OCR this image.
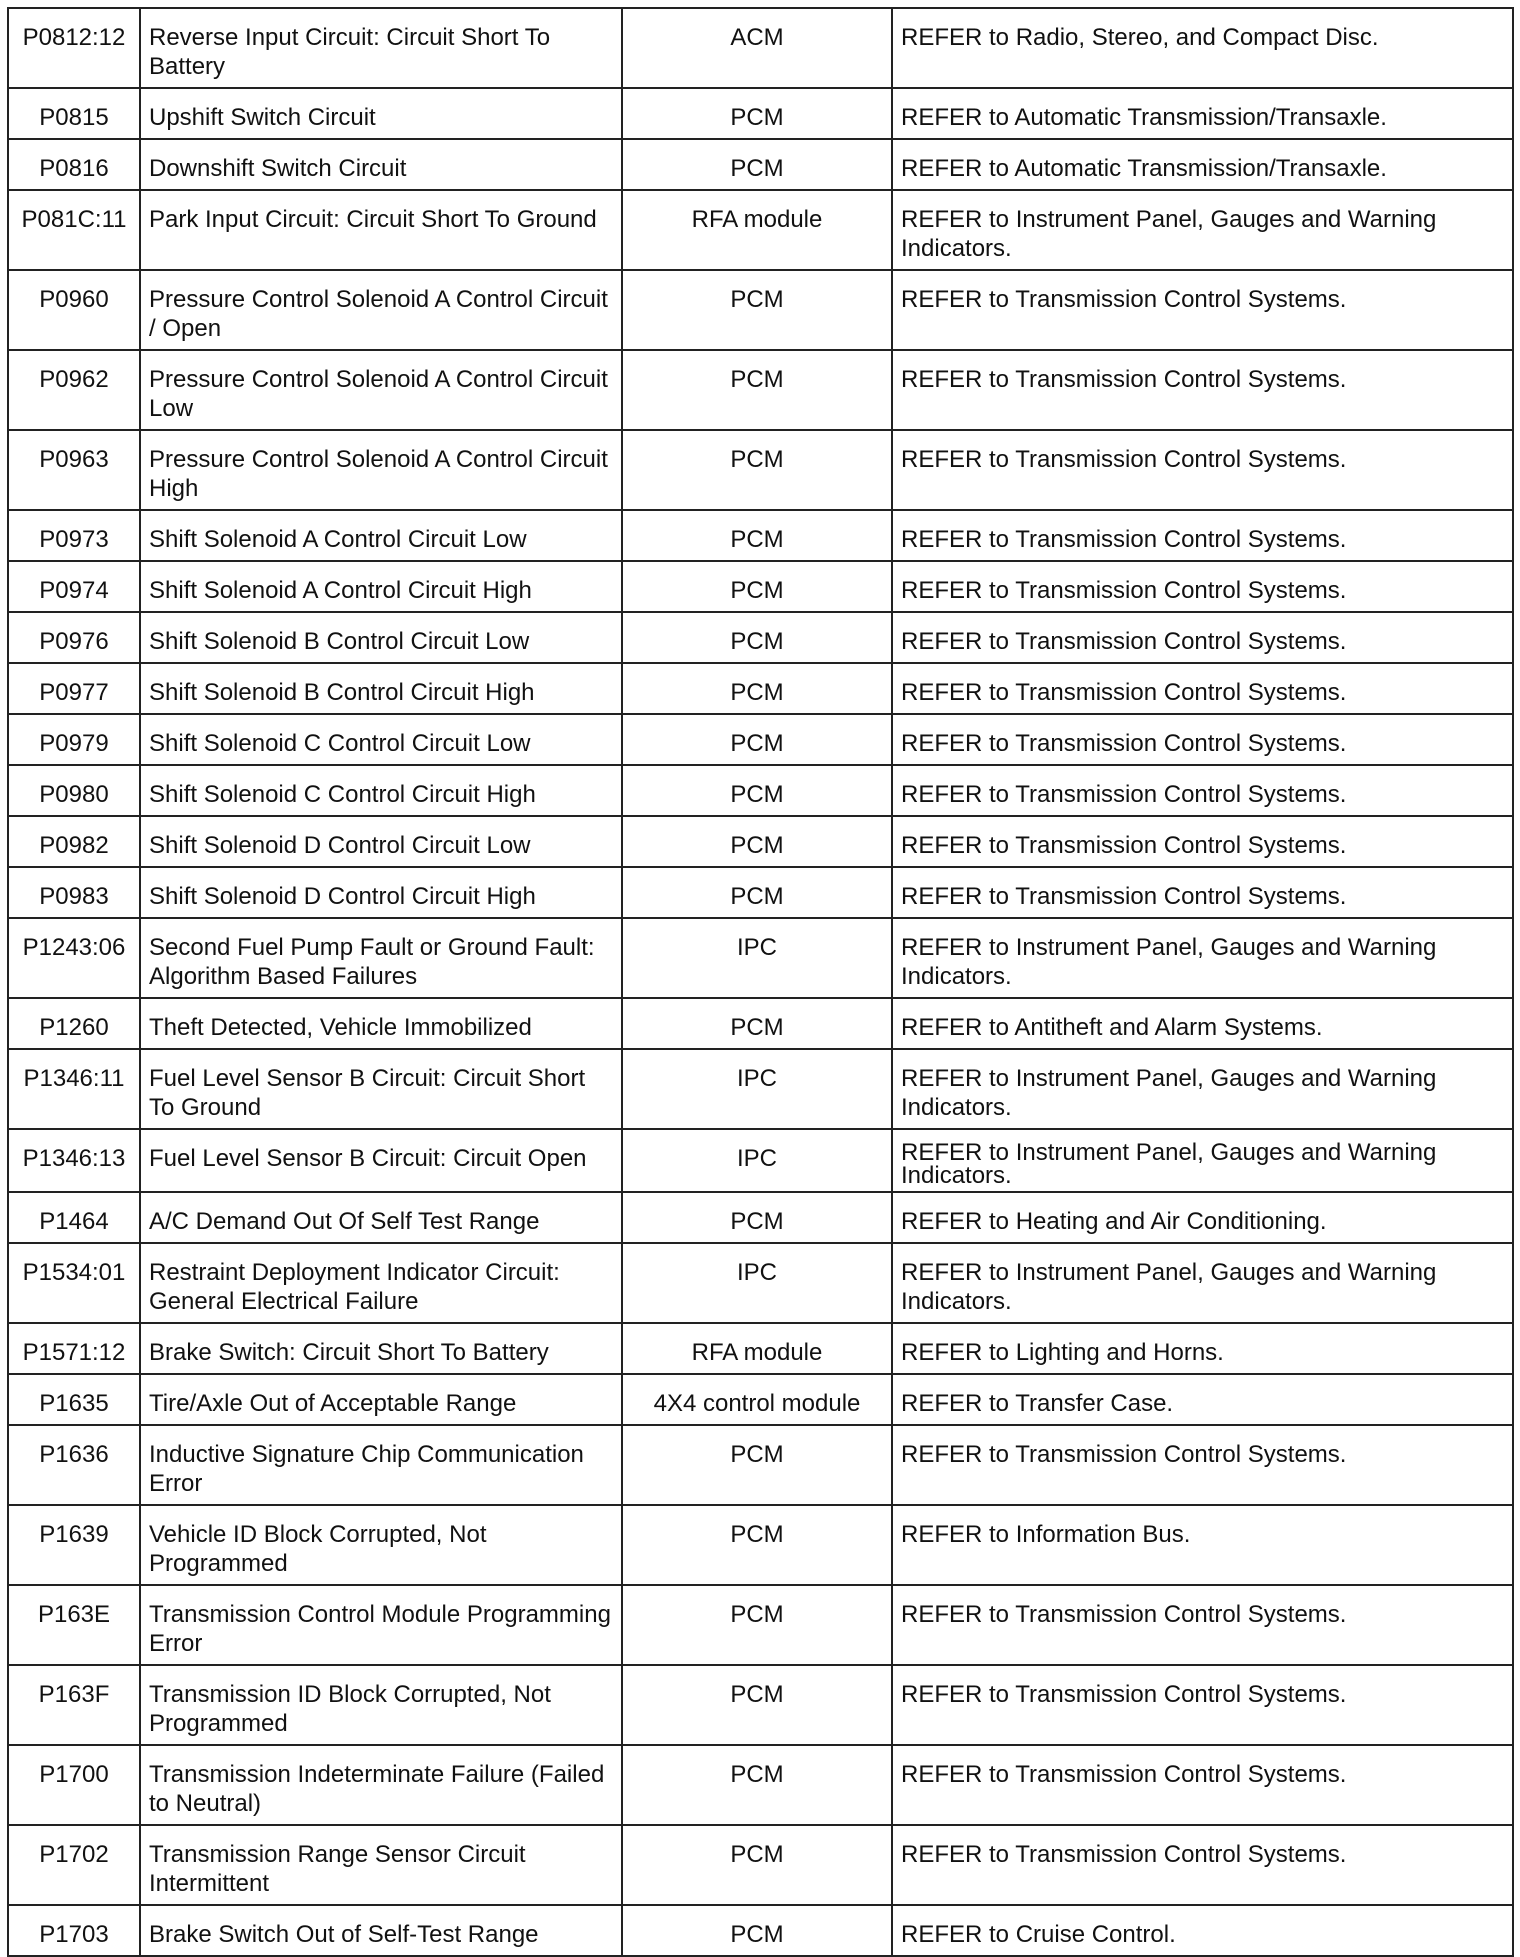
P0812:12	Reverse Input Circuit: Circuit Short To Battery	ACM	REFER to Radio, Stereo, and Compact Disc.
P0815	Upshift Switch Circuit	PCM	REFER to Automatic Transmission/Transaxle.
P0816	Downshift Switch Circuit	PCM	REFER to Automatic Transmission/Transaxle.
P081C:11	Park Input Circuit: Circuit Short To Ground	RFA module	REFER to Instrument Panel, Gauges and Warning Indicators.
P0960	Pressure Control Solenoid A Control Circuit / Open	PCM	REFER to Transmission Control Systems.
P0962	Pressure Control Solenoid A Control Circuit Low	PCM	REFER to Transmission Control Systems.
P0963	Pressure Control Solenoid A Control Circuit High	PCM	REFER to Transmission Control Systems.
P0973	Shift Solenoid A Control Circuit Low	PCM	REFER to Transmission Control Systems.
P0974	Shift Solenoid A Control Circuit High	PCM	REFER to Transmission Control Systems.
P0976	Shift Solenoid B Control Circuit Low	PCM	REFER to Transmission Control Systems.
P0977	Shift Solenoid B Control Circuit High	PCM	REFER to Transmission Control Systems.
P0979	Shift Solenoid C Control Circuit Low	PCM	REFER to Transmission Control Systems.
P0980	Shift Solenoid C Control Circuit High	PCM	REFER to Transmission Control Systems.
P0982	Shift Solenoid D Control Circuit Low	PCM	REFER to Transmission Control Systems.
P0983	Shift Solenoid D Control Circuit High	PCM	REFER to Transmission Control Systems.
P1243:06	Second Fuel Pump Fault or Ground Fault: Algorithm Based Failures	IPC	REFER to Instrument Panel, Gauges and Warning Indicators.
P1260	Theft Detected, Vehicle Immobilized	PCM	REFER to Antitheft and Alarm Systems.
P1346:11	Fuel Level Sensor B Circuit: Circuit Short To Ground	IPC	REFER to Instrument Panel, Gauges and Warning Indicators.
P1346:13	Fuel Level Sensor B Circuit: Circuit Open	IPC	REFER to Instrument Panel, Gauges and Warning Indicators.
P1464	A/C Demand Out Of Self Test Range	PCM	REFER to Heating and Air Conditioning.
P1534:01	Restraint Deployment Indicator Circuit: General Electrical Failure	IPC	REFER to Instrument Panel, Gauges and Warning Indicators.
P1571:12	Brake Switch: Circuit Short To Battery	RFA module	REFER to Lighting and Horns.
P1635	Tire/Axle Out of Acceptable Range	4X4 control module	REFER to Transfer Case.
P1636	Inductive Signature Chip Communication Error	PCM	REFER to Transmission Control Systems.
P1639	Vehicle ID Block Corrupted, Not Programmed	PCM	REFER to Information Bus.
P163E	Transmission Control Module Programming Error	PCM	REFER to Transmission Control Systems.
P163F	Transmission ID Block Corrupted, Not Programmed	PCM	REFER to Transmission Control Systems.
P1700	Transmission Indeterminate Failure (Failed to Neutral)	PCM	REFER to Transmission Control Systems.
P1702	Transmission Range Sensor Circuit Intermittent	PCM	REFER to Transmission Control Systems.
P1703	Brake Switch Out of Self-Test Range	PCM	REFER to Cruise Control.
